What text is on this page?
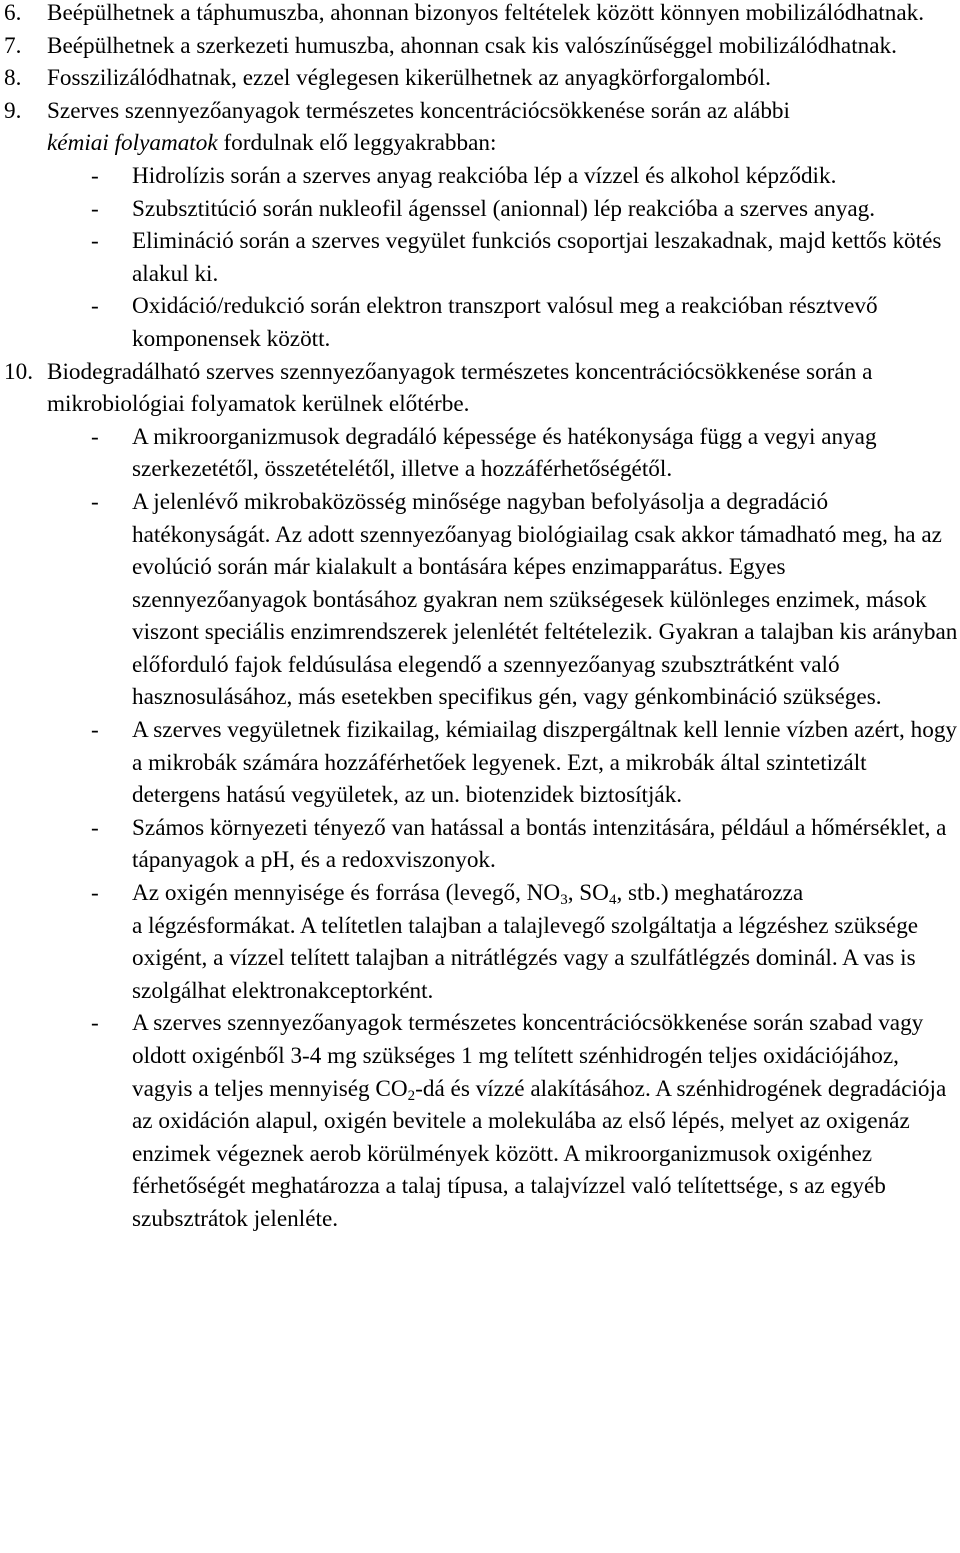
6. Beépülhetnek a táphumuszba, ahonnan bizonyos feltételek között könnyen mobilizálódhatnak.
7. Beépülhetnek a szerkezeti humuszba, ahonnan csak kis valószínűséggel mobilizálódhatnak.
8. Fosszilizálódhatnak, ezzel véglegesen kikerülhetnek az anyagkörforgalomból.
9. Szerves szennyezőanyagok természetes koncentrációcsökkenése során az alábbi
kémiai folyamatok fordulnak elő leggyakrabban:
- Hidrolízis során a szerves anyag reakcióba lép a vízzel és alkohol képződik.
- Szubsztitúció során nukleofil ágenssel (anionnal) lép reakcióba a szerves anyag.
- Elimináció során a szerves vegyület funkciós csoportjai leszakadnak, majd kettős kötés alakul ki.
- Oxidáció/redukció során elektron transzport valósul meg a reakcióban résztvevő komponensek között.
10. Biodegradálható szerves szennyezőanyagok természetes koncentrációcsökkenése során a mikrobiológiai folyamatok kerülnek előtérbe.
- A mikroorganizmusok degradáló képessége és hatékonysága függ a vegyi anyag szerkezetétől, összetételétől, illetve a hozzáférhetőségétől.
- A jelenlévő mikrobaközösség minősége nagyban befolyásolja a degradáció hatékonyságát. Az adott szennyezőanyag biológiailag csak akkor támadható meg, ha az evolúció során már kialakult a bontására képes enzimapparátus. Egyes szennyezőanyagok bontásához gyakran nem szükségesek különleges enzimek, mások viszont speciális enzimrendszerek jelenlétét feltételezik. Gyakran a talajban kis arányban előforduló fajok feldúsulása elegendő a szennyezőanyag szubsztrátként való hasznosulásához, más esetekben specifikus gén, vagy génkombináció szükséges.
- A szerves vegyületnek fizikailag, kémiailag diszpergáltnak kell lennie vízben azért, hogy a mikrobák számára hozzáférhetőek legyenek. Ezt, a mikrobák által szintetizált detergens hatású vegyületek, az un. biotenzidek biztosítják.
- Számos környezeti tényező van hatással a bontás intenzitására, például a hőmérséklet, a tápanyagok a pH, és a redoxviszonyok.
- Az oxigén mennyisége és forrása (levegő, $NO_3$, $SO_4$, stb.) meghatározza
a légzésformákat. A telítetlen talajban a talajlevegő szolgáltatja a légzéshez szüksége oxigént, a vízzel telített talajban a nitrátlégzés vagy a szulfátlégzés dominál. A vas is szolgálhat elektronakceptorként.
- A szerves szennyezőanyagok természetes koncentrációcsökkenése során szabad vagy oldott oxigénből 3-4 mg szükséges 1 mg telített szénhidrogén teljes oxidációjához, vagyis a teljes mennyiség $CO_2-dá$ és vízzé alakításához. A szénhidrogének degradációja az oxidáción alapul, oxigén bevitele a molekulába az első lépés, melyet az oxigenáz enzimek végeznek aerob körülmények között. A mikroorganizmusok oxigénhez férhetőségét meghatározza a talaj típusa, a talajvízzel való telítettsége, s az egyéb szubsztrátok jelenléte.
